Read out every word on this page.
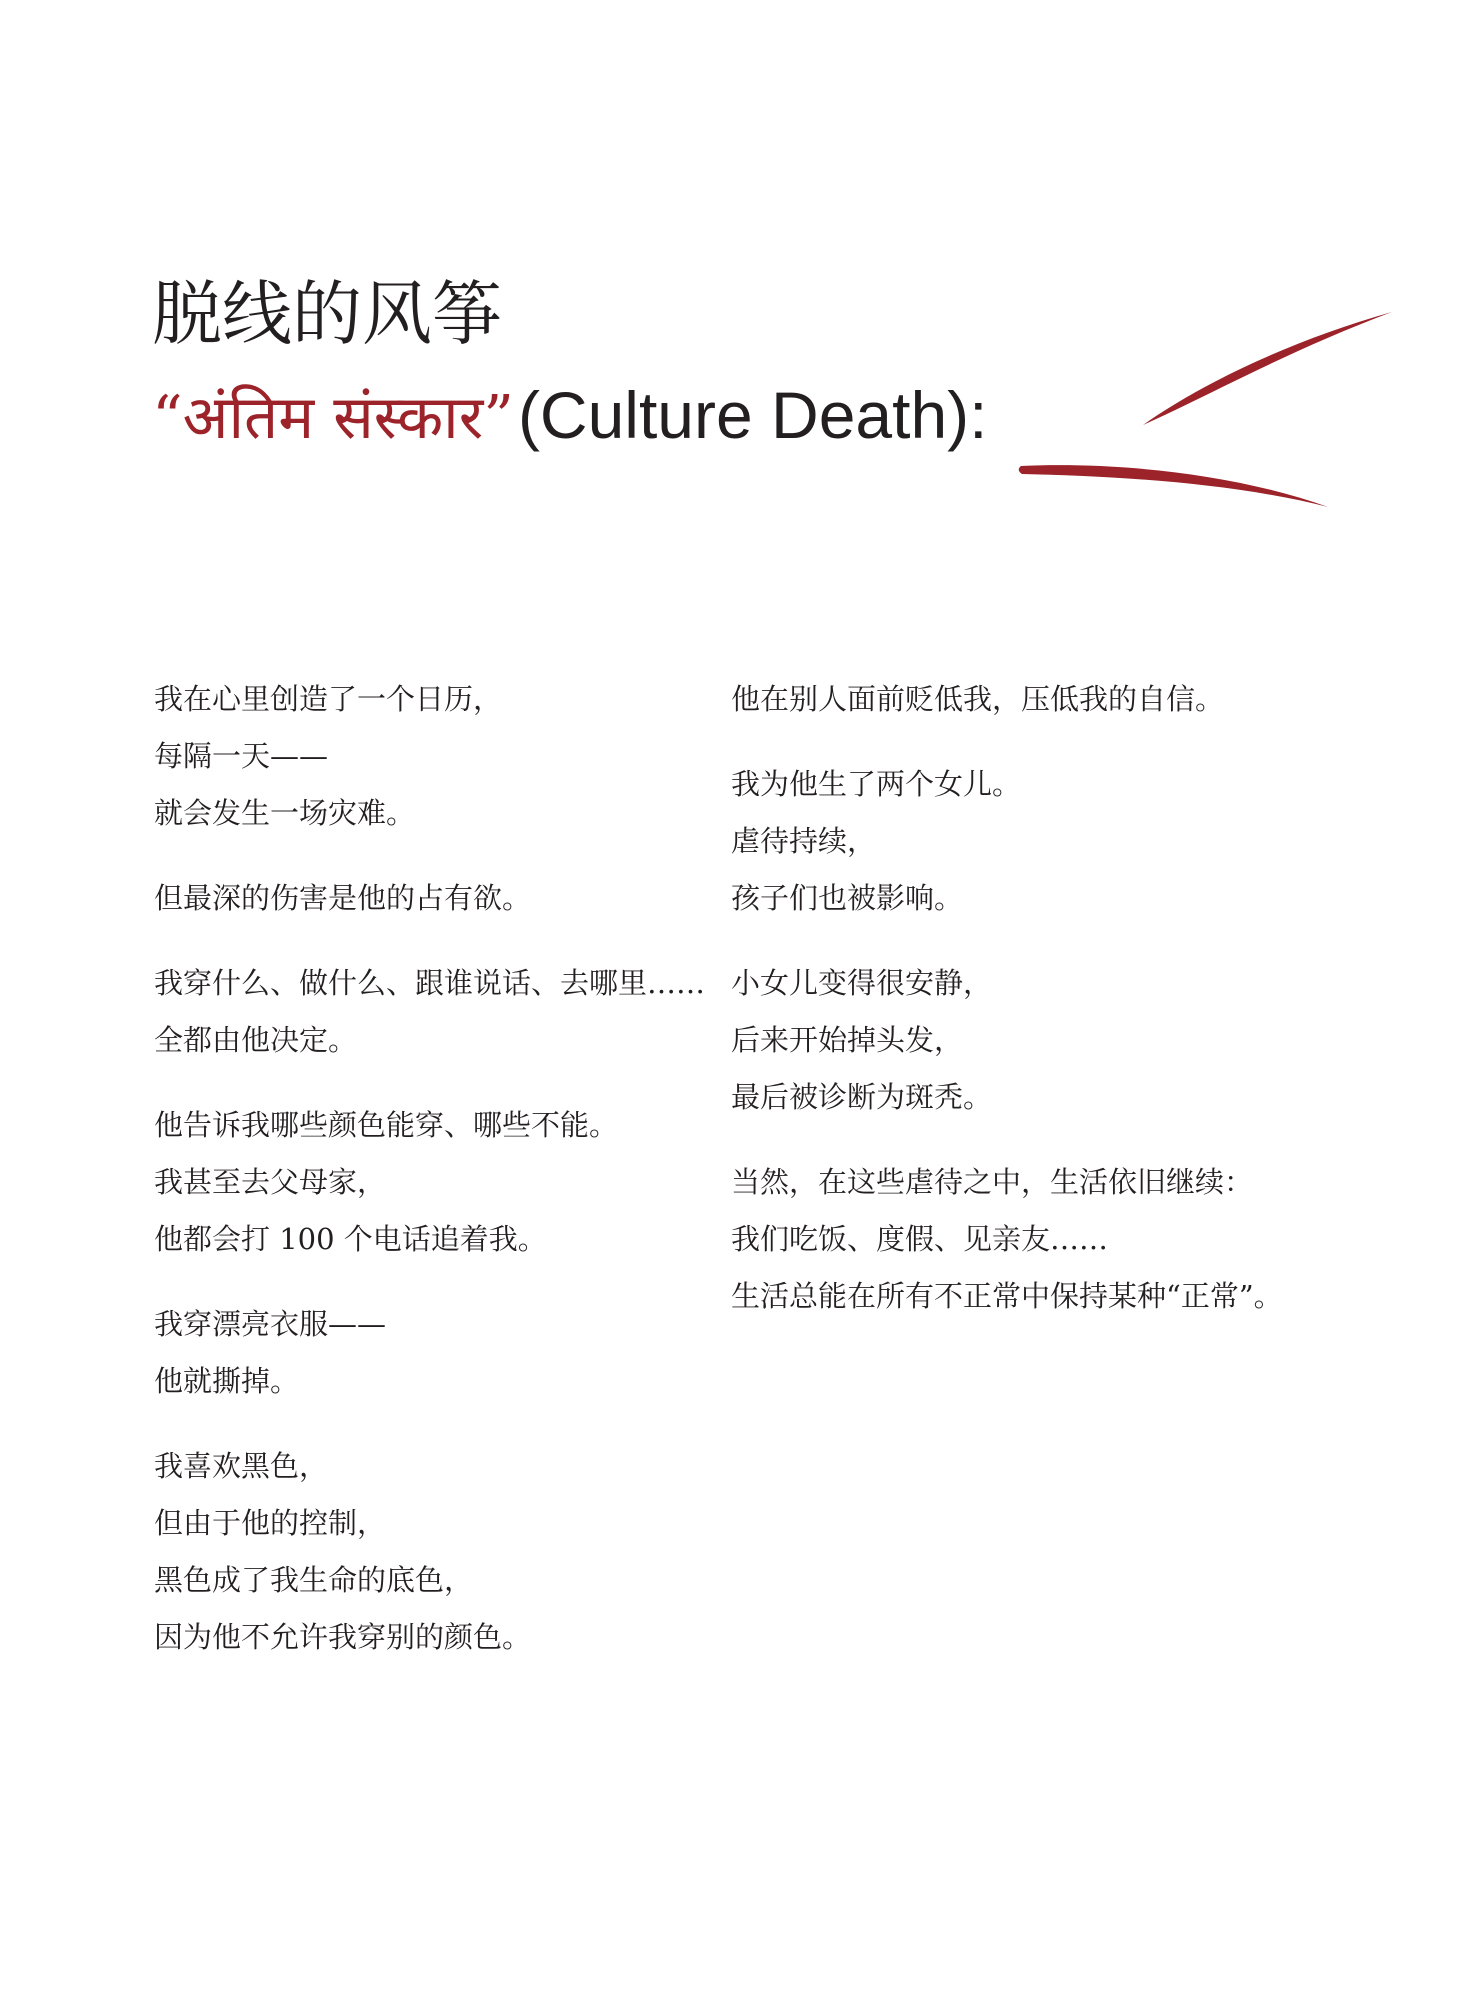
脱线的风筝
“अंतिम संस्कार” (Culture Death):
我在心里创造了一个日历，
每隔一天——
就会发生一场灾难。
但最深的伤害是他的占有欲。
我穿什么、做什么、跟谁说话、去哪里……
全都由他决定。
他告诉我哪些颜色能穿、哪些不能。
我甚至去父母家，
他都会打 100 个电话追着我。
我穿漂亮衣服——
他就撕掉。
我喜欢黑色，
但由于他的控制，
黑色成了我生命的底色，
因为他不允许我穿别的颜色。
他在别人面前贬低我，压低我的自信。
我为他生了两个女儿。
虐待持续，
孩子们也被影响。
小女儿变得很安静，
后来开始掉头发，
最后被诊断为斑秃。
当然，在这些虐待之中，生活依旧继续：
我们吃饭、度假、见亲友……
生活总能在所有不正常中保持某种“正常”。
